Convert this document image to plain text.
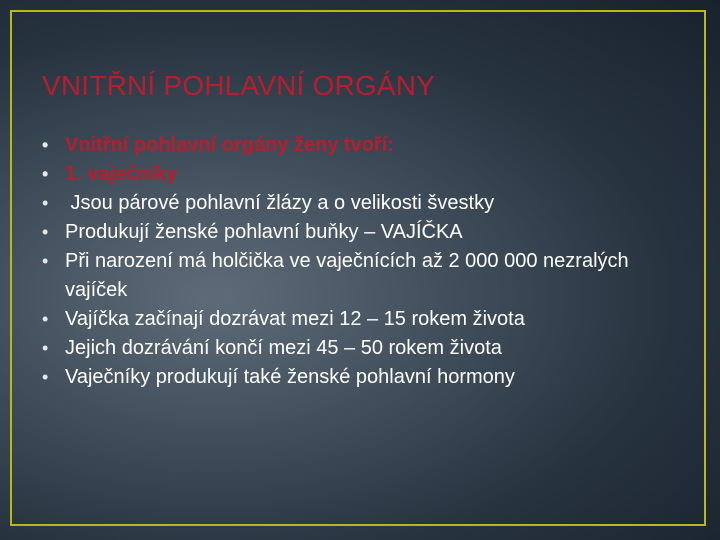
VNITŘNÍ POHLAVNÍ ORGÁNY
• Vnitřní pohlavní orgány ženy tvoří:
• 1. vaječníky
• Jsou párové pohlavní žlázy a o velikosti švestky
• Produkují ženské pohlavní buňky – VAJÍČKA
• Při narození má holčička ve vaječnících až 2 000 000 nezralých vajíček
• Vajíčka začínají dozrávat mezi 12 – 15 rokem života
• Jejich dozrávání končí mezi 45 – 50 rokem života
• Vaječníky produkují také ženské pohlavní hormony
